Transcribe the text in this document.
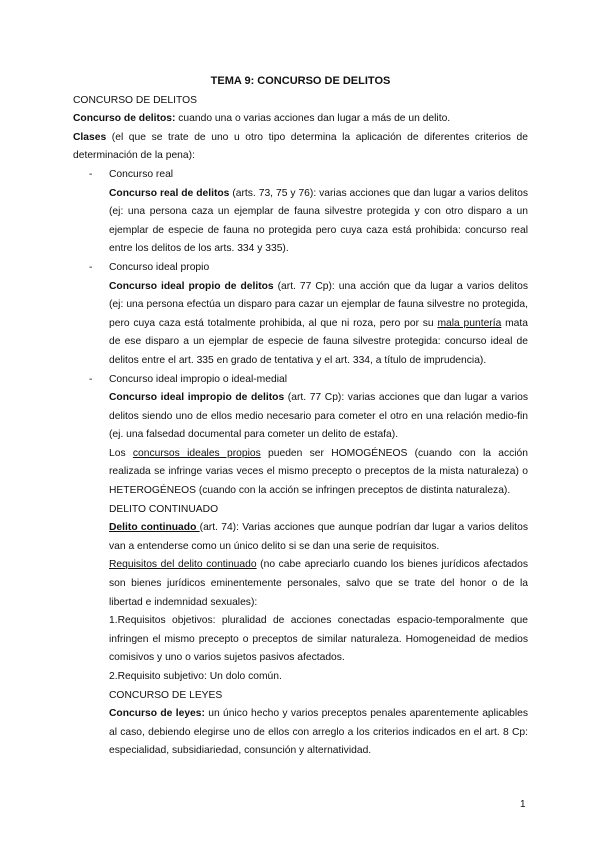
TEMA 9: CONCURSO DE DELITOS

CONCURSO DE DELITOS

Concurso de delitos: cuando una o varias acciones dan lugar a más de un delito.

Clases (el que se trate de uno u otro tipo determina la aplicación de diferentes criterios de determinación de la pena):

- Concurso real

Concurso real de delitos (arts. 73, 75 y 76): varias acciones que dan lugar a varios delitos (ej: una persona caza un ejemplar de fauna silvestre protegida y con otro disparo a un ejemplar de especie de fauna no protegida pero cuya caza está prohibida: concurso real entre los delitos de los arts. 334 y 335).

- Concurso ideal propio

Concurso ideal propio de delitos (art. 77 Cp): una acción que da lugar a varios delitos (ej: una persona efectúa un disparo para cazar un ejemplar de fauna silvestre no protegida, pero cuya caza está totalmente prohibida, al que ni roza, pero por su mala puntería mata de ese disparo a un ejemplar de especie de fauna silvestre protegida: concurso ideal de delitos entre el art. 335 en grado de tentativa y el art. 334, a título de imprudencia).

- Concurso ideal impropio o ideal-medial

Concurso ideal impropio de delitos (art. 77 Cp): varias acciones que dan lugar a varios delitos siendo uno de ellos medio necesario para cometer el otro en una relación medio-fin (ej. una falsedad documental para cometer un delito de estafa).

Los concursos ideales propios pueden ser HOMOGÉNEOS (cuando con la acción realizada se infringe varias veces el mismo precepto o preceptos de la mista naturaleza) o HETEROGÉNEOS (cuando con la acción se infringen preceptos de distinta naturaleza).

DELITO CONTINUADO

Delito continuado (art. 74): Varias acciones que aunque podrían dar lugar a varios delitos van a entenderse como un único delito si se dan una serie de requisitos.

Requisitos del delito continuado (no cabe apreciarlo cuando los bienes jurídicos afectados son bienes jurídicos eminentemente personales, salvo que se trate del honor o de la libertad e indemnidad sexuales):

1.Requisitos objetivos: pluralidad de acciones conectadas espacio-temporalmente que infringen el mismo precepto o preceptos de similar naturaleza. Homogeneidad de medios comisivos y uno o varios sujetos pasivos afectados.

2.Requisito subjetivo: Un dolo común.

CONCURSO DE LEYES

Concurso de leyes: un único hecho y varios preceptos penales aparentemente aplicables al caso, debiendo elegirse uno de ellos con arreglo a los criterios indicados en el art. 8 Cp: especialidad, subsidiariedad, consunción y alternatividad.

1
